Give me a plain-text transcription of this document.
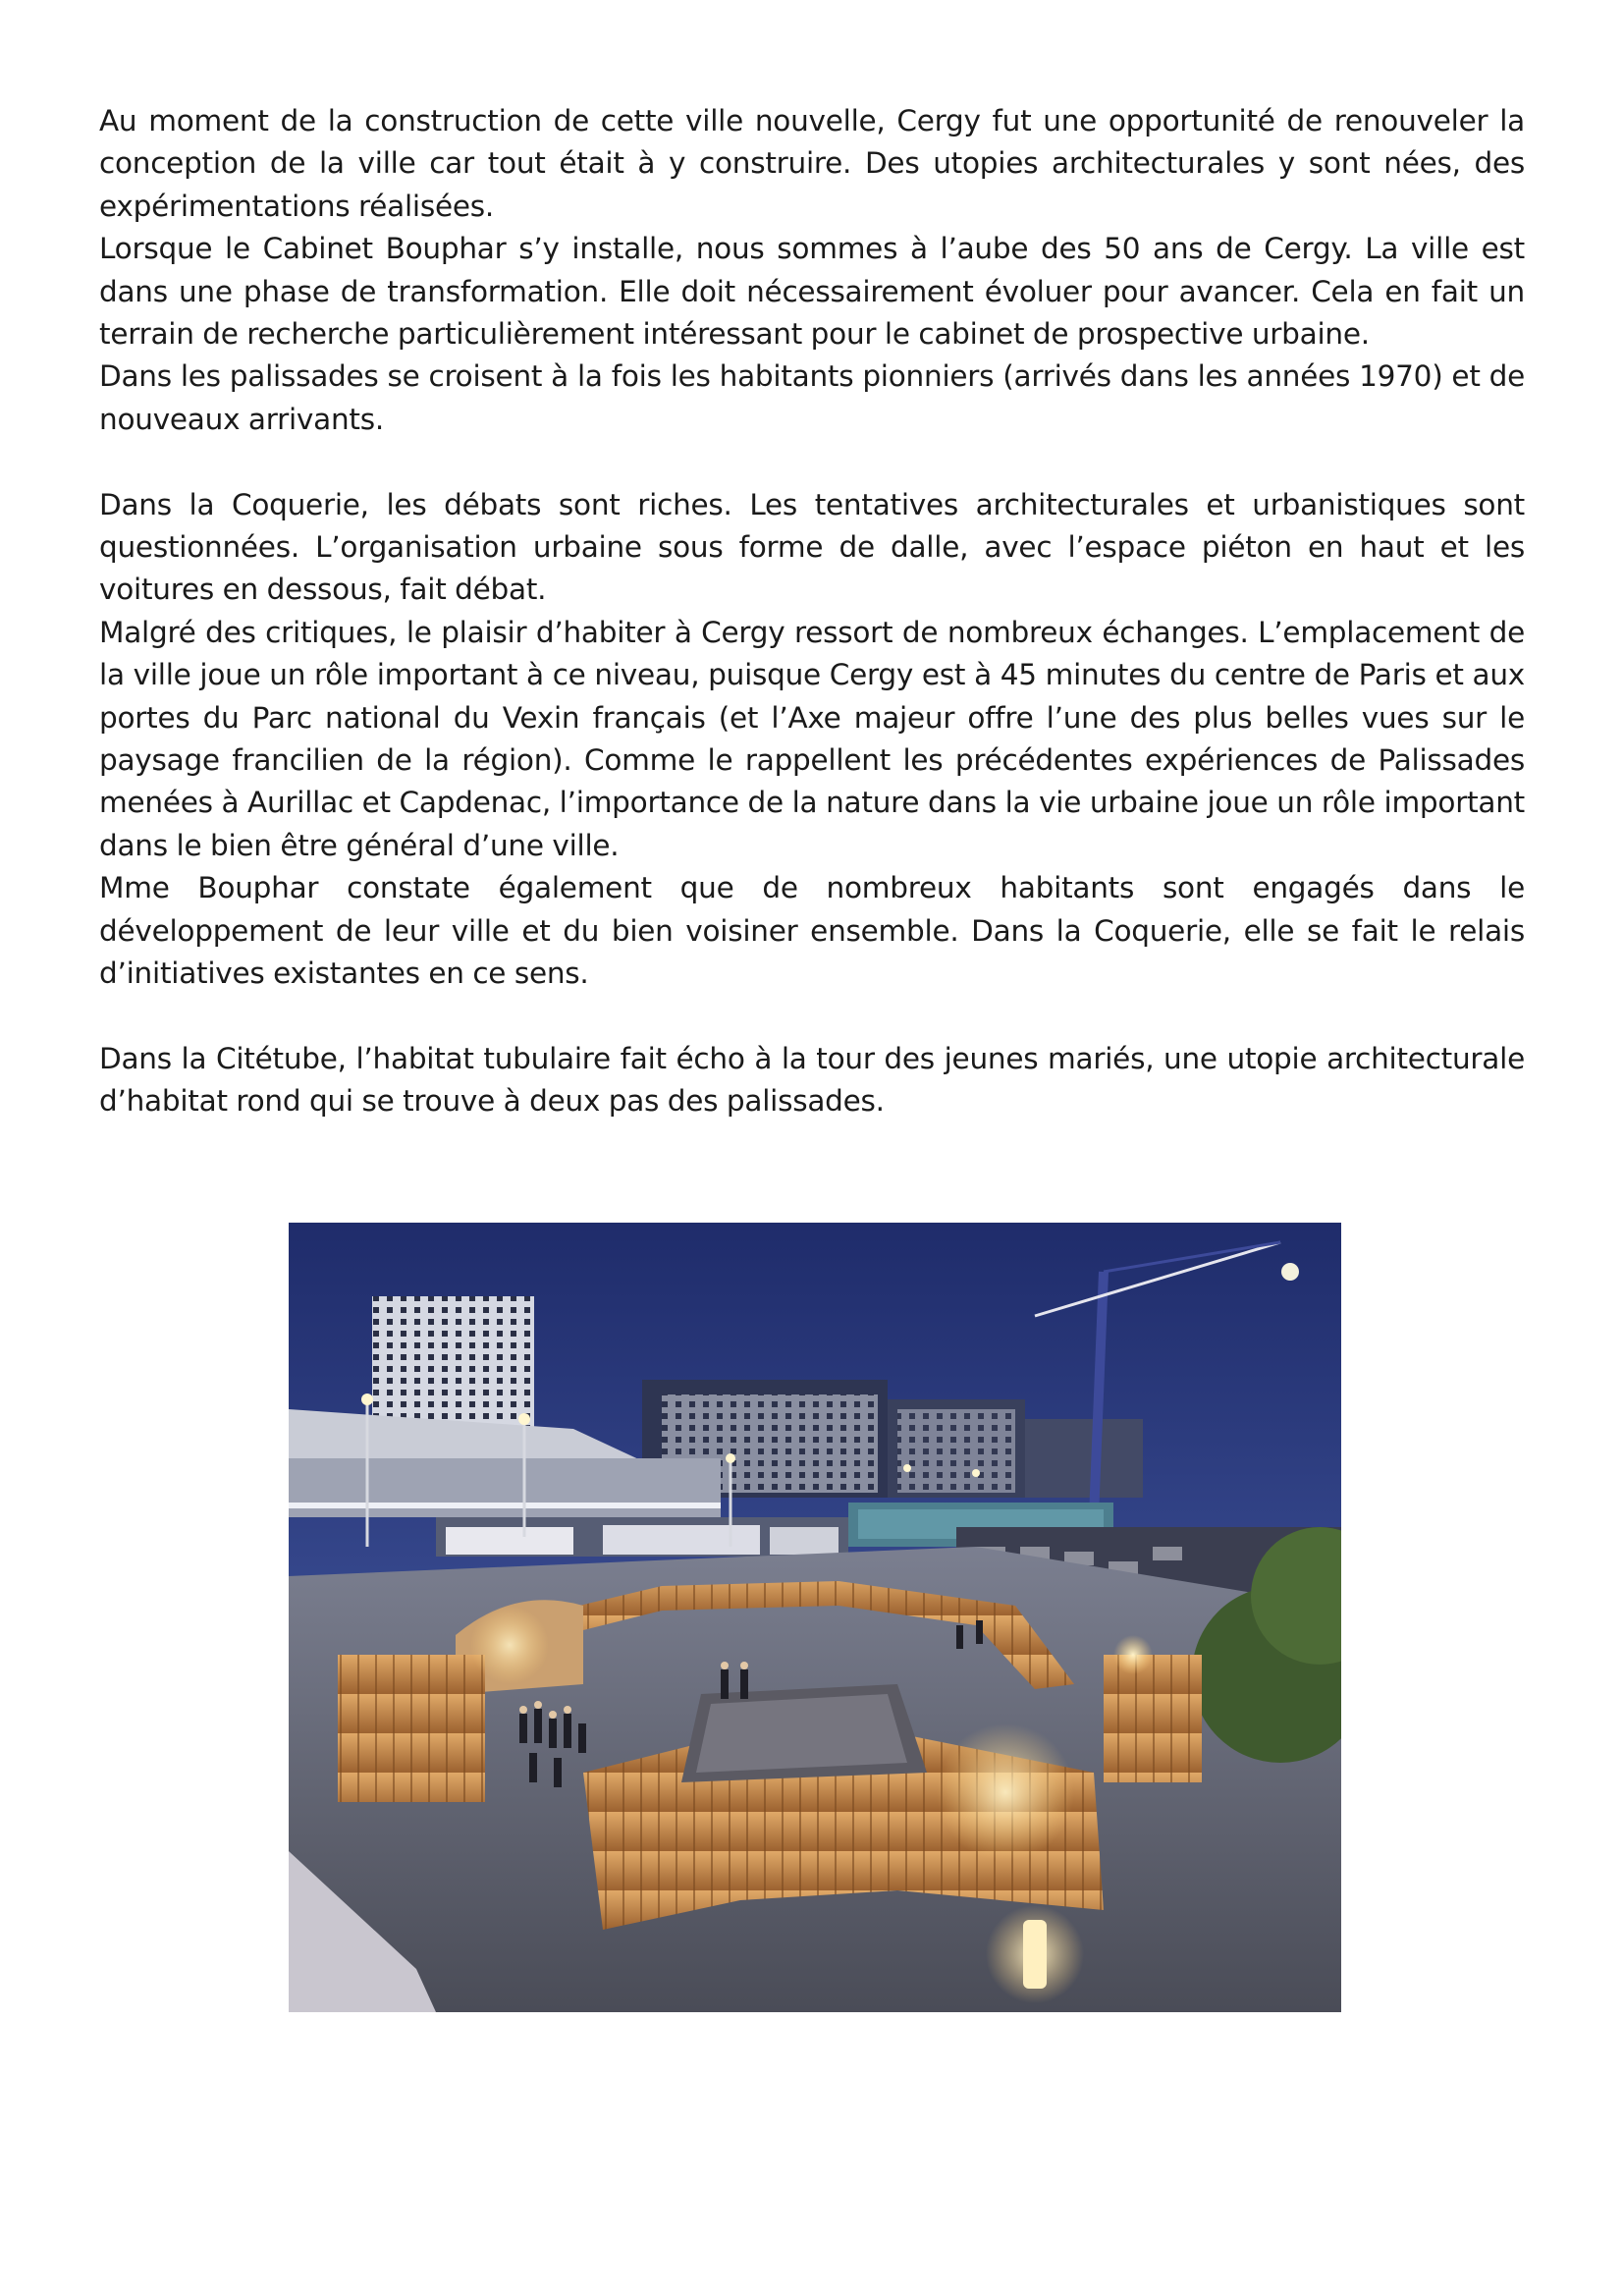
Au moment de la construction de cette ville nouvelle, Cergy fut une opportunité de renouveler la conception de la ville car tout était à y construire. Des utopies architecturales y sont nées, des expérimentations réalisées.

Lorsque le Cabinet Bouphar s’y installe, nous sommes à l’aube des 50 ans de Cergy. La ville est dans une phase de transformation. Elle doit nécessairement évoluer pour avancer. Cela en fait un terrain de recherche particulièrement intéressant pour le cabinet de prospective urbaine.

Dans les palissades se croisent à la fois les habitants pionniers (arrivés dans les années 1970) et de nouveaux arrivants.

Dans la Coquerie, les débats sont riches. Les tentatives architecturales et urbanistiques sont questionnées. L’organisation urbaine sous forme de dalle, avec l’espace piéton en haut et les voitures en dessous, fait débat.

Malgré des critiques, le plaisir d’habiter à Cergy ressort de nombreux échanges. L’emplacement de la ville joue un rôle important à ce niveau, puisque Cergy est à 45 minutes du centre de Paris et aux portes du Parc national du Vexin français (et l’Axe majeur offre l’une des plus belles vues sur le paysage francilien de la région). Comme le rappellent les précédentes expériences de Palissades menées à Aurillac et Capdenac, l’importance de la nature dans la vie urbaine joue un rôle important dans le bien être général d’une ville.

Mme Bouphar constate également que de nombreux habitants sont engagés dans le développement de leur ville et du bien voisiner ensemble. Dans la Coquerie, elle se fait le relais d’initiatives existantes en ce sens.

Dans la Citétube, l’habitat tubulaire fait écho à la tour des jeunes mariés, une utopie architecturale d’habitat rond qui se trouve à deux pas des palissades.
